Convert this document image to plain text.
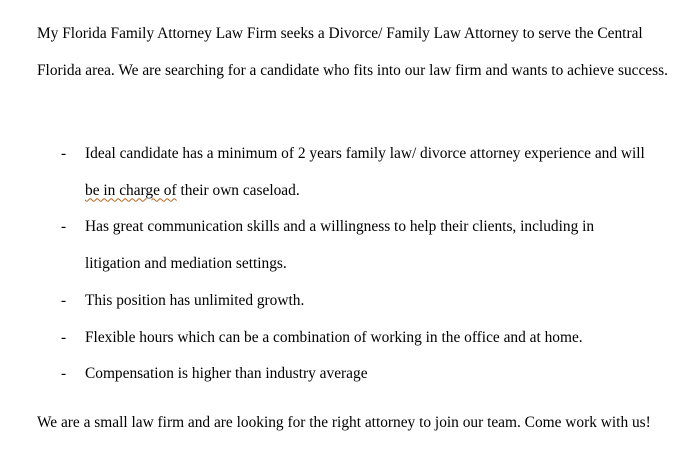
My Florida Family Attorney Law Firm seeks a Divorce/ Family Law Attorney to serve the Central Florida area. We are searching for a candidate who fits into our law firm and wants to achieve success.

- Ideal candidate has a minimum of 2 years family law/ divorce attorney experience and will be in charge of their own caseload.
- Has great communication skills and a willingness to help their clients, including in litigation and mediation settings.
- This position has unlimited growth.
- Flexible hours which can be a combination of working in the office and at home.
- Compensation is higher than industry average

We are a small law firm and are looking for the right attorney to join our team. Come work with us!
